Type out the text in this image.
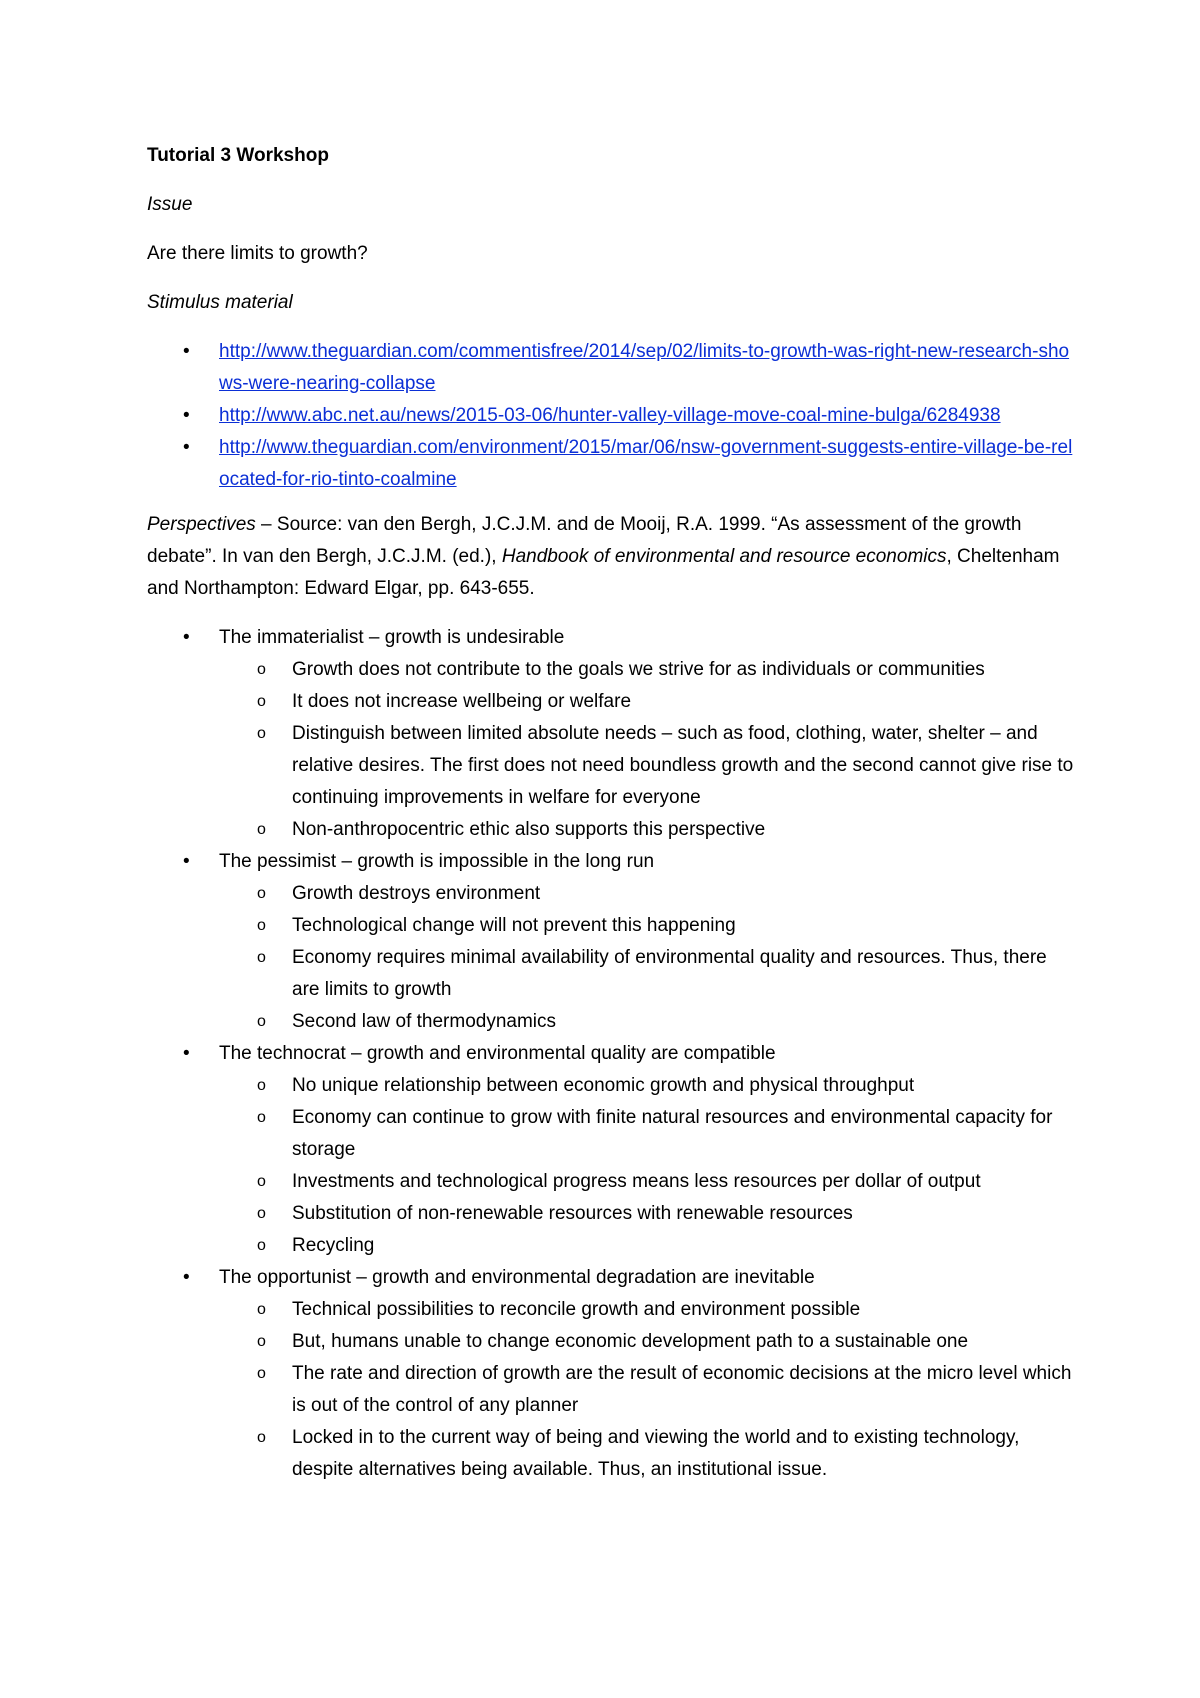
Tutorial 3 Workshop

Issue

Are there limits to growth?

Stimulus material

• http://www.theguardian.com/commentisfree/2014/sep/02/limits-to-growth-was-right-new-research-shows-were-nearing-collapse
• http://www.abc.net.au/news/2015-03-06/hunter-valley-village-move-coal-mine-bulga/6284938
• http://www.theguardian.com/environment/2015/mar/06/nsw-government-suggests-entire-village-be-relocated-for-rio-tinto-coalmine

Perspectives – Source: van den Bergh, J.C.J.M. and de Mooij, R.A. 1999. “As assessment of the growth debate”. In van den Bergh, J.C.J.M. (ed.), Handbook of environmental and resource economics, Cheltenham and Northampton: Edward Elgar, pp. 643-655.

• The immaterialist – growth is undesirable
o Growth does not contribute to the goals we strive for as individuals or communities
o It does not increase wellbeing or welfare
o Distinguish between limited absolute needs – such as food, clothing, water, shelter – and relative desires. The first does not need boundless growth and the second cannot give rise to continuing improvements in welfare for everyone
o Non-anthropocentric ethic also supports this perspective
• The pessimist – growth is impossible in the long run
o Growth destroys environment
o Technological change will not prevent this happening
o Economy requires minimal availability of environmental quality and resources. Thus, there are limits to growth
o Second law of thermodynamics
• The technocrat – growth and environmental quality are compatible
o No unique relationship between economic growth and physical throughput
o Economy can continue to grow with finite natural resources and environmental capacity for storage
o Investments and technological progress means less resources per dollar of output
o Substitution of non-renewable resources with renewable resources
o Recycling
• The opportunist – growth and environmental degradation are inevitable
o Technical possibilities to reconcile growth and environment possible
o But, humans unable to change economic development path to a sustainable one
o The rate and direction of growth are the result of economic decisions at the micro level which is out of the control of any planner
o Locked in to the current way of being and viewing the world and to existing technology, despite alternatives being available. Thus, an institutional issue.
